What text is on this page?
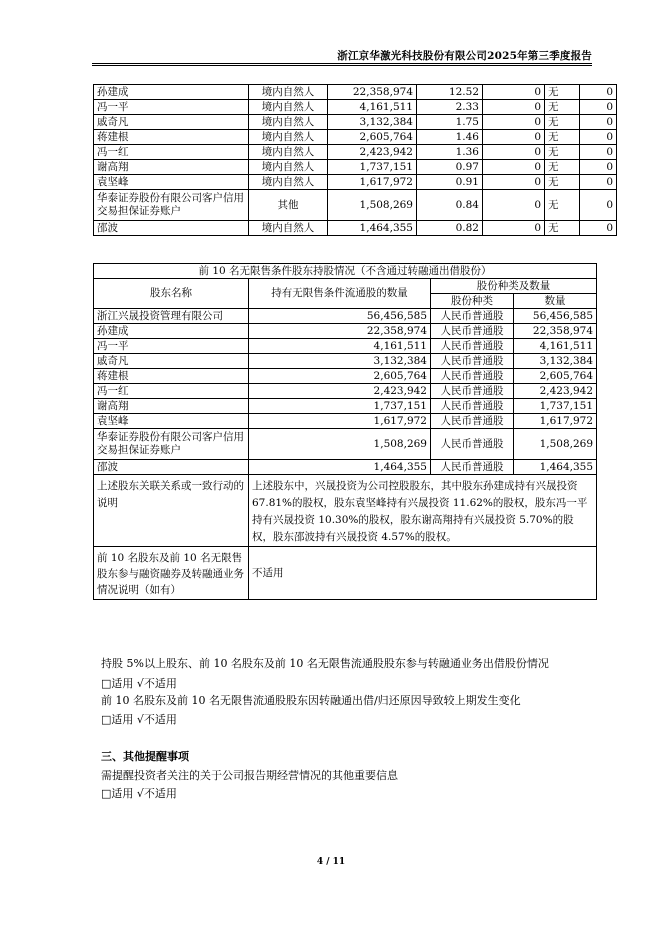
浙江京华激光科技股份有限公司2025年第三季度报告
孙建成	境内自然人	22,358,974	12.52	0	无	0
冯一平	境内自然人	4,161,511	2.33	0	无	0
戚奇凡	境内自然人	3,132,384	1.75	0	无	0
蒋建根	境内自然人	2,605,764	1.46	0	无	0
冯一红	境内自然人	2,423,942	1.36	0	无	0
谢高翔	境内自然人	1,737,151	0.97	0	无	0
袁坚峰	境内自然人	1,617,972	0.91	0	无	0
华泰证券股份有限公司客户信用交易担保证券账户	其他	1,508,269	0.84	0	无	0
邵波	境内自然人	1,464,355	0.82	0	无	0
前 10 名无限售条件股东持股情况（不含通过转融通出借股份）			
股东名称	持有无限售条件流通股的数量	股份种类及数量	
		股份种类	数量
浙江兴晟投资管理有限公司	56,456,585	人民币普通股	56,456,585
孙建成	22,358,974	人民币普通股	22,358,974
冯一平	4,161,511	人民币普通股	4,161,511
戚奇凡	3,132,384	人民币普通股	3,132,384
蒋建根	2,605,764	人民币普通股	2,605,764
冯一红	2,423,942	人民币普通股	2,423,942
谢高翔	1,737,151	人民币普通股	1,737,151
袁坚峰	1,617,972	人民币普通股	1,617,972
华泰证券股份有限公司客户信用交易担保证券账户	1,508,269	人民币普通股	1,508,269
邵波	1,464,355	人民币普通股	1,464,355
上述股东关联关系或一致行动的说明	上述股东中，兴晟投资为公司控股股东，其中股东孙建成持有兴晟投资 67.81%的股权，股东袁坚峰持有兴晟投资 11.62%的股权，股东冯一平持有兴晟投资 10.30%的股权，股东谢高翔持有兴晟投资 5.70%的股权，股东邵波持有兴晟投资 4.57%的股权。		
前 10 名股东及前 10 名无限售股东参与融资融券及转融通业务情况说明（如有）	不适用		
持股 5%以上股东、前 10 名股东及前 10 名无限售流通股股东参与转融通业务出借股份情况
□适用 √不适用
前 10 名股东及前 10 名无限售流通股股东因转融通出借/归还原因导致较上期发生变化
□适用 √不适用
三、其他提醒事项
需提醒投资者关注的关于公司报告期经营情况的其他重要信息
□适用 √不适用
4 / 11
